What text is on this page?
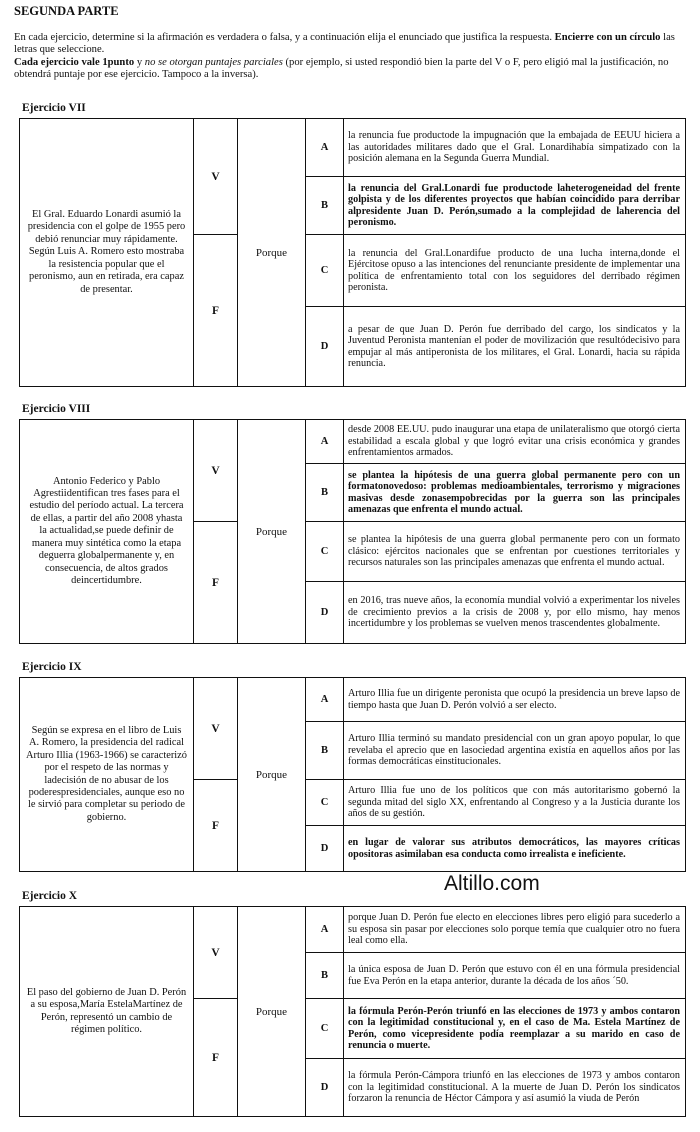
SEGUNDA PARTE

En cada ejercicio, determine si la afirmación es verdadera o falsa, y a continuación elija el enunciado que justifica la respuesta. Encierre con un círculo las letras que seleccione.

Cada ejercicio vale 1punto y no se otorgan puntajes parciales (por ejemplo, si usted respondió bien la parte del V o F, pero eligió mal la justificación, no obtendrá puntaje por ese ejercicio. Tampoco a la inversa).

Ejercicio VII
El Gral. Eduardo Lonardi asumió la presidencia con el golpe de 1955 pero debió renunciar muy rápidamente. Según Luis A. Romero esto mostraba la resistencia popular que el peronismo, aun en retirada, era capaz de presentar.	V	Porque	A	la renuncia fue productode la impugnación que la embajada de EEUU hiciera a las autoridades militares dado que el Gral. Lonardihabía simpatizado con la posición alemana en la Segunda Guerra Mundial.
			B	la renuncia del Gral.Lonardi fue productode laheterogeneidad del frente golpista y de los diferentes proyectos que habían coincidido para derribar alpresidente Juan D. Perón,sumado a la complejidad de laherencia del peronismo.
	F		C	la renuncia del Gral.Lonardifue producto de una lucha interna,donde el Ejércitose opuso a las intenciones del renunciante presidente de implementar una política de enfrentamiento total con los seguidores del derribado régimen peronista.
			D	a pesar de que Juan D. Perón fue derribado del cargo, los sindicatos y la Juventud Peronista mantenían el poder de movilización que resultódecisivo para empujar al más antiperonista de los militares, el Gral. Lonardi, hacia su rápida renuncia.
Ejercicio VIII
Antonio Federico y Pablo Agrestiidentifican tres fases para el estudio del período actual. La tercera de ellas, a partir del año 2008 yhasta la actualidad,se puede definir de manera muy sintética como la etapa deguerra globalpermanente y, en consecuencia, de altos grados deincertidumbre.	V	Porque	A	desde 2008 EE.UU. pudo inaugurar una etapa de unilateralismo que otorgó cierta estabilidad a escala global y que logró evitar una crisis económica y grandes enfrentamientos armados.
			B	se plantea la hipótesis de una guerra global permanente pero con un formatonovedoso: problemas medioambientales, terrorismo y migraciones masivas desde zonasempobrecidas por la guerra son las principales amenazas que enfrenta el mundo actual.
	F		C	se plantea la hipótesis de una guerra global permanente pero con un formato clásico: ejércitos nacionales que se enfrentan por cuestiones territoriales y recursos naturales son las principales amenazas que enfrenta el mundo actual.
			D	en 2016, tras nueve años, la economía mundial volvió a experimentar los niveles de crecimiento previos a la crisis de 2008 y, por ello mismo, hay menos incertidumbre y los problemas se vuelven menos trascendentes globalmente.
Ejercicio IX
Según se expresa en el libro de Luis A. Romero, la presidencia del radical Arturo Illia (1963-1966) se caracterizó por el respeto de las normas y ladecisión de no abusar de los poderespresidenciales, aunque eso no le sirvió para completar su periodo de gobierno.	V	Porque	A	Arturo Illia fue un dirigente peronista que ocupó la presidencia un breve lapso de tiempo hasta que Juan D. Perón volvió a ser electo.
			B	Arturo Illia terminó su mandato presidencial con un gran apoyo popular, lo que revelaba el aprecio que en lasociedad argentina existía en aquellos años por las formas democráticas einstitucionales.
	F		C	Arturo Illia fue uno de los políticos que con más autoritarismo gobernó la segunda mitad del siglo XX, enfrentando al Congreso y a la Justicia durante los años de su gestión.
			D	en lugar de valorar sus atributos democráticos, las mayores críticas opositoras asimilaban esa conducta como irrealista e ineficiente.
Altillo.com
Ejercicio X
El paso del gobierno de Juan D. Perón a su esposa,María EstelaMartínez de Perón, representó un cambio de régimen político.	V	Porque	A	porque Juan D. Perón fue electo en elecciones libres pero eligió para sucederlo a su esposa sin pasar por elecciones solo porque temía que cualquier otro no fuera leal como ella.
			B	la única esposa de Juan D. Perón que estuvo con él en una fórmula presidencial fue Eva Perón en la etapa anterior, durante la década de los años ´50.
	F		C	la fórmula Perón-Perón triunfó en las elecciones de 1973 y ambos contaron con la legitimidad constitucional y, en el caso de Ma. Estela Martínez de Perón, como vicepresidente podía reemplazar a su marido en caso de renuncia o muerte.
			D	la fórmula Perón-Cámpora triunfó en las elecciones de 1973 y ambos contaron con la legitimidad constitucional. A la muerte de Juan D. Perón los sindicatos forzaron la renuncia de Héctor Cámpora y así asumió la viuda de Perón
